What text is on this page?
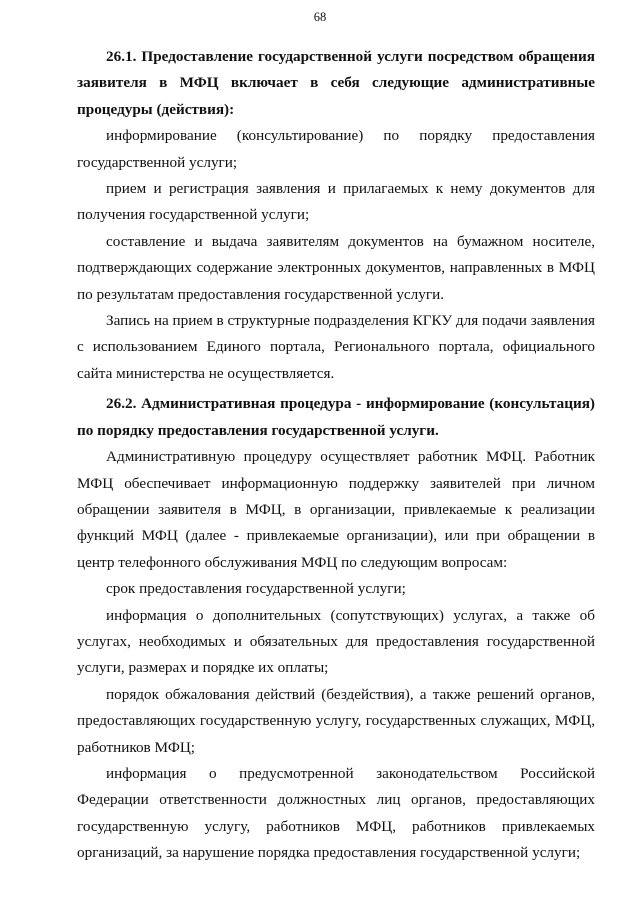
68

26.1. Предоставление государственной услуги посредством обращения заявителя в МФЦ включает в себя следующие административные процедуры (действия):

информирование (консультирование) по порядку предоставления государственной услуги;

прием и регистрация заявления и прилагаемых к нему документов для получения государственной услуги;

составление и выдача заявителям документов на бумажном носителе, подтверждающих содержание электронных документов, направленных в МФЦ по результатам предоставления государственной услуги.

Запись на прием в структурные подразделения КГКУ для подачи заявления с использованием Единого портала, Регионального портала, официального сайта министерства не осуществляется.

26.2. Административная процедура - информирование (консультация) по порядку предоставления государственной услуги.

Административную процедуру осуществляет работник МФЦ. Работник МФЦ обеспечивает информационную поддержку заявителей при личном обращении заявителя в МФЦ, в организации, привлекаемые к реализации функций МФЦ (далее - привлекаемые организации), или при обращении в центр телефонного обслуживания МФЦ по следующим вопросам:

срок предоставления государственной услуги;

информация о дополнительных (сопутствующих) услугах, а также об услугах, необходимых и обязательных для предоставления государственной услуги, размерах и порядке их оплаты;

порядок обжалования действий (бездействия), а также решений органов, предоставляющих государственную услугу, государственных служащих, МФЦ, работников МФЦ;

информация о предусмотренной законодательством Российской Федерации ответственности должностных лиц органов, предоставляющих государственную услугу, работников МФЦ, работников привлекаемых организаций, за нарушение порядка предоставления государственной услуги;
